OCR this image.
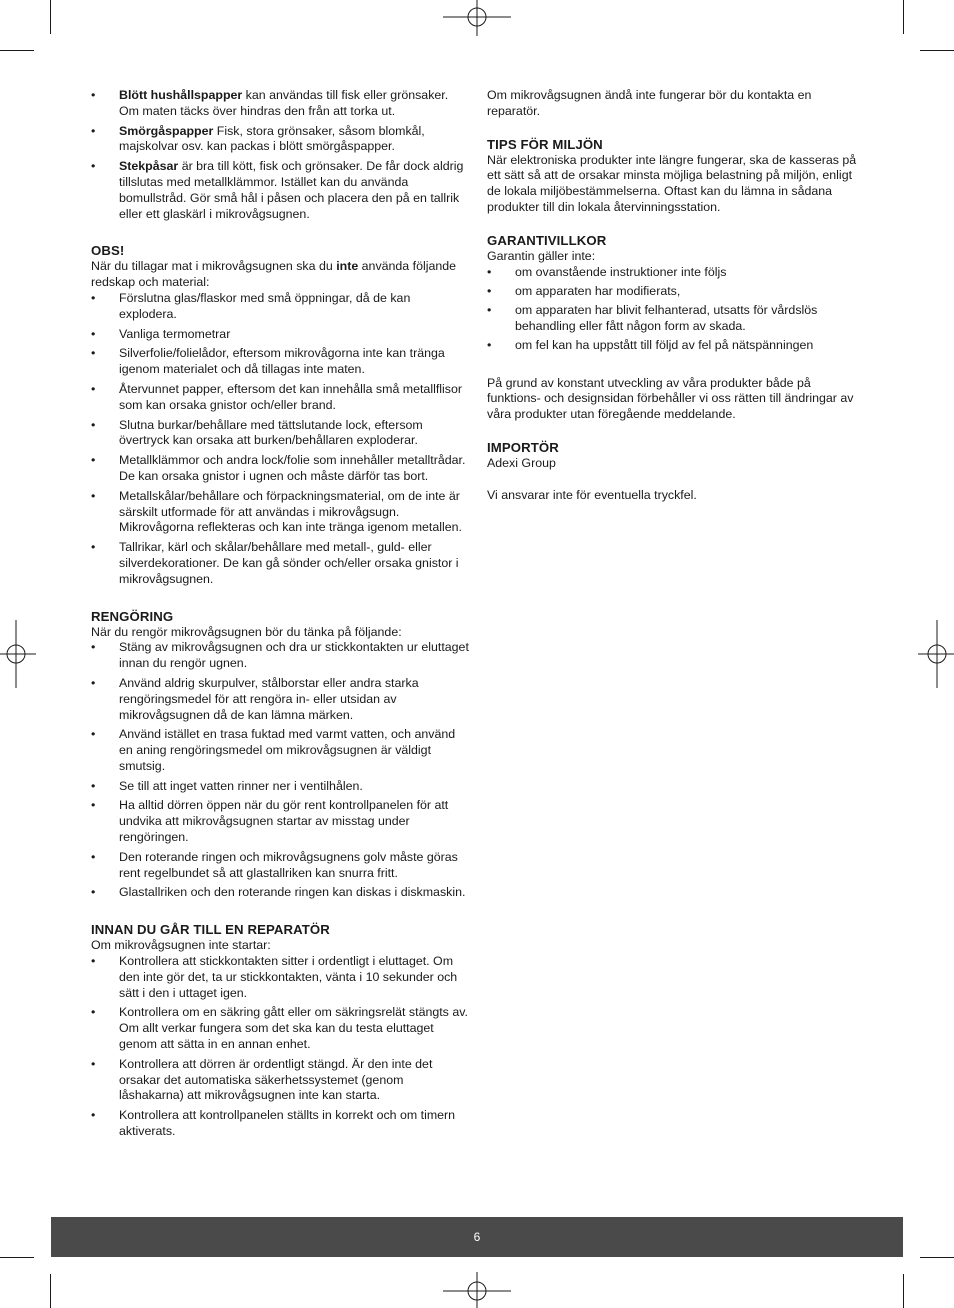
• Blött hushållspapper kan användas till fisk eller grönsaker. Om maten täcks över hindras den från att torka ut.
• Smörgåspapper Fisk, stora grönsaker, såsom blomkål, majskolvar osv. kan packas i blött smörgåspapper.
• Stekpåsar är bra till kött, fisk och grönsaker. De får dock aldrig tillslutas med metallklämmor. Istället kan du använda bomullstråd. Gör små hål i påsen och placera den på en tallrik eller ett glaskärl i mikrovågsugnen.
OBS!

När du tillagar mat i mikrovågsugnen ska du inte använda följande redskap och material:

• Förslutna glas/flaskor med små öppningar, då de kan explodera.
• Vanliga termometrar
• Silverfolie/folielådor, eftersom mikrovågorna inte kan tränga igenom materialet och då tillagas inte maten.
• Återvunnet papper, eftersom det kan innehålla små metallflisor som kan orsaka gnistor och/eller brand.
• Slutna burkar/behållare med tättslutande lock, eftersom övertryck kan orsaka att burken/behållaren exploderar.
• Metallklämmor och andra lock/folie som innehåller metalltrådar. De kan orsaka gnistor i ugnen och måste därför tas bort.
• Metallskålar/behållare och förpackningsmaterial, om de inte är särskilt utformade för att användas i mikrovågsugn. Mikrovågorna reflekteras och kan inte tränga igenom metallen.
• Tallrikar, kärl och skålar/behållare med metall-, guld- eller silverdekorationer. De kan gå sönder och/eller orsaka gnistor i mikrovågsugnen.
RENGÖRING

När du rengör mikrovågsugnen bör du tänka på följande:

• Stäng av mikrovågsugnen och dra ur stickkontakten ur eluttaget innan du rengör ugnen.
• Använd aldrig skurpulver, stålborstar eller andra starka rengöringsmedel för att rengöra in- eller utsidan av mikrovågsugnen då de kan lämna märken.
• Använd istället en trasa fuktad med varmt vatten, och använd en aning rengöringsmedel om mikrovågsugnen är väldigt smutsig.
• Se till att inget vatten rinner ner i ventilhålen.
• Ha alltid dörren öppen när du gör rent kontrollpanelen för att undvika att mikrovågsugnen startar av misstag under rengöringen.
• Den roterande ringen och mikrovågsugnens golv måste göras rent regelbundet så att glastallriken kan snurra fritt.
• Glastallriken och den roterande ringen kan diskas i diskmaskin.
INNAN DU GÅR TILL EN REPARATÖR

Om mikrovågsugnen inte startar:

• Kontrollera att stickkontakten sitter i ordentligt i eluttaget. Om den inte gör det, ta ur stickkontakten, vänta i 10 sekunder och sätt i den i uttaget igen.
• Kontrollera om en säkring gått eller om säkringsrelät stängts av. Om allt verkar fungera som det ska kan du testa eluttaget genom att sätta in en annan enhet.
• Kontrollera att dörren är ordentligt stängd. Är den inte det orsakar det automatiska säkerhetssystemet (genom låshakarna) att mikrovågsugnen inte kan starta.
• Kontrollera att kontrollpanelen ställts in korrekt och om timern aktiverats.

Om mikrovågsugnen ändå inte fungerar bör du kontakta en reparatör.

TIPS FÖR MILJÖN

När elektroniska produkter inte längre fungerar, ska de kasseras på ett sätt så att de orsakar minsta möjliga belastning på miljön, enligt de lokala miljöbestämmelserna. Oftast kan du lämna in sådana produkter till din lokala återvinningsstation.

GARANTIVILLKOR

Garantin gäller inte:

• om ovanstående instruktioner inte följs
• om apparaten har modifierats,
• om apparaten har blivit felhanterad, utsatts för vårdslös behandling eller fått någon form av skada.
• om fel kan ha uppstått till följd av fel på nätspänningen

På grund av konstant utveckling av våra produkter både på funktions- och designsidan förbehåller vi oss rätten till ändringar av våra produkter utan föregående meddelande.

IMPORTÖR

Adexi Group

Vi ansvarar inte för eventuella tryckfel.

6
